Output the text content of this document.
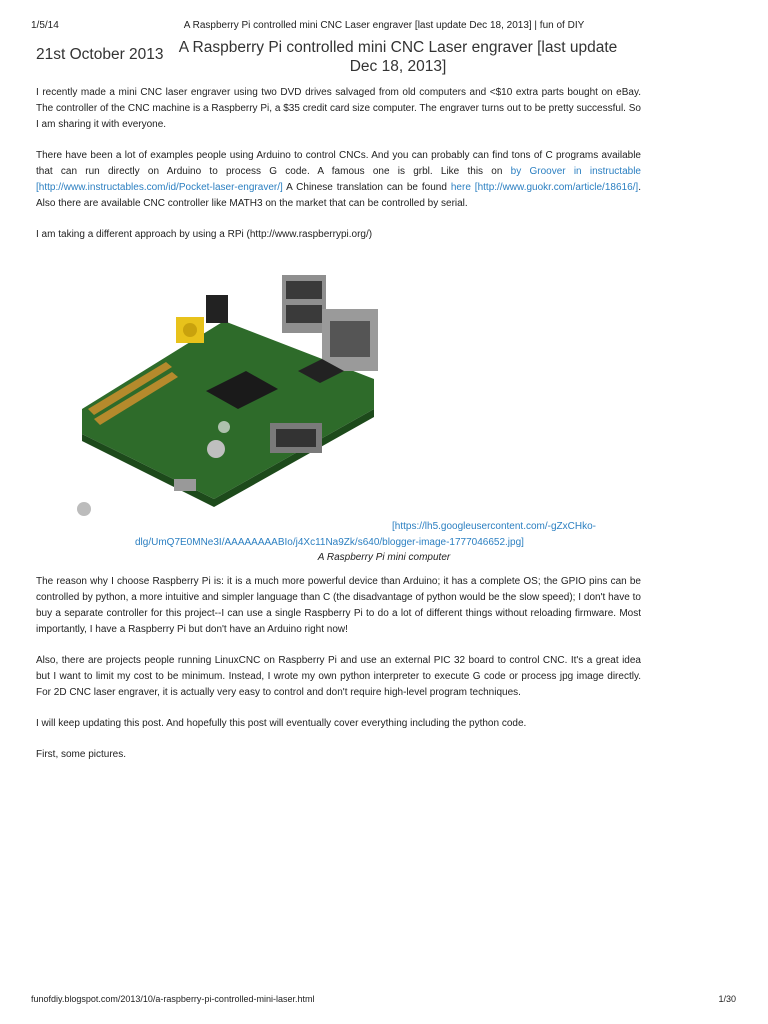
1/5/14	A Raspberry Pi controlled mini CNC Laser engraver [last update Dec 18, 2013] | fun of DIY
21st October 2013 A Raspberry Pi controlled mini CNC Laser engraver [last update Dec 18, 2013]

I recently made a mini CNC laser engraver using two DVD drives salvaged from old computers and <$10 extra parts bought on eBay. The controller of the CNC machine is a Raspberry Pi, a $35 credit card size computer. The engraver turns out to be pretty successful. So I am sharing it with everyone.

There have been a lot of examples people using Arduino to control CNCs. And you can probably can find tons of C programs available that can run directly on Arduino to process G code. A famous one is grbl. Like this on by Groover in instructable [http://www.instructables.com/id/Pocket-laser-engraver/] A Chinese translation can be found here [http://www.guokr.com/article/18616/]. Also there are available CNC controller like MATH3 on the market that can be controlled by serial.

I am taking a different approach by using a RPi (http://www.raspberrypi.org/)

[https://lh5.googleusercontent.com/-gZxCHko-
dlg/UmQ7E0MNe3I/AAAAAAAABIo/j4Xc11Na9Zk/s640/blogger-image-1777046652.jpg]
A Raspberry Pi mini computer

The reason why I choose Raspberry Pi is: it is a much more powerful device than Arduino; it has a complete OS; the GPIO pins can be controlled by python, a more intuitive and simpler language than C (the disadvantage of python would be the slow speed); I don't have to buy a separate controller for this project--I can use a single Raspberry Pi to do a lot of different things without reloading firmware. Most importantly, I have a Raspberry Pi but don't have an Arduino right now!

Also, there are projects people running LinuxCNC on Raspberry Pi and use an external PIC 32 board to control CNC. It's a great idea but I want to limit my cost to be minimum. Instead, I wrote my own python interpreter to execute G code or process jpg image directly. For 2D CNC laser engraver, it is actually very easy to control and don't require high-level program techniques.

I will keep updating this post. And hopefully this post will eventually cover everything including the python code.

First, some pictures.

funofdiy.blogspot.com/2013/10/a-raspberry-pi-controlled-mini-laser.html	1/30
